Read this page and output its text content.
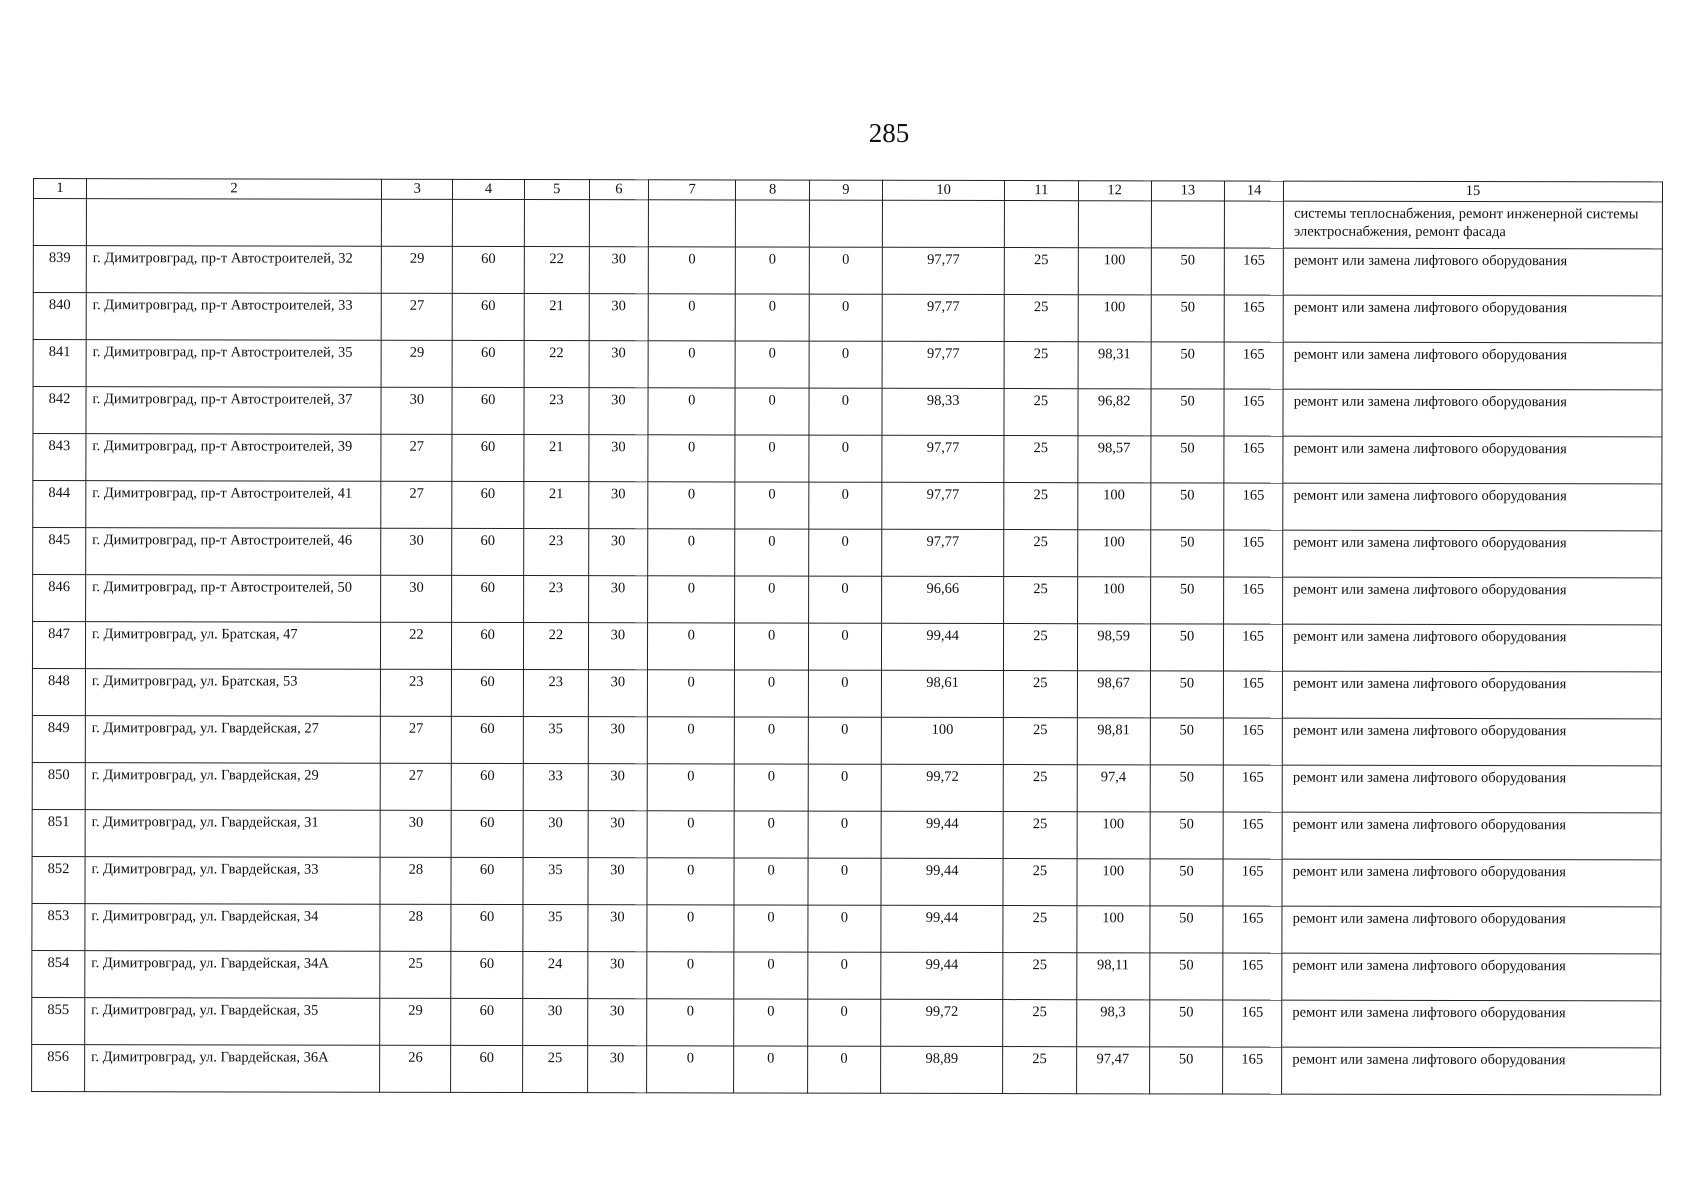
285
1	2	3	4	5	6	7	8	9	10	11	12	13	14	15
														системы теплоснабжения, ремонт инженерной системы электроснабжения, ремонт фасада
839	г. Димитровград, пр-т Автостроителей, 32	29	60	22	30	0	0	0	97,77	25	100	50	165	ремонт или замена лифтового оборудования
840	г. Димитровград, пр-т Автостроителей, 33	27	60	21	30	0	0	0	97,77	25	100	50	165	ремонт или замена лифтового оборудования
841	г. Димитровград, пр-т Автостроителей, 35	29	60	22	30	0	0	0	97,77	25	98,31	50	165	ремонт или замена лифтового оборудования
842	г. Димитровград, пр-т Автостроителей, 37	30	60	23	30	0	0	0	98,33	25	96,82	50	165	ремонт или замена лифтового оборудования
843	г. Димитровград, пр-т Автостроителей, 39	27	60	21	30	0	0	0	97,77	25	98,57	50	165	ремонт или замена лифтового оборудования
844	г. Димитровград, пр-т Автостроителей, 41	27	60	21	30	0	0	0	97,77	25	100	50	165	ремонт или замена лифтового оборудования
845	г. Димитровград, пр-т Автостроителей, 46	30	60	23	30	0	0	0	97,77	25	100	50	165	ремонт или замена лифтового оборудования
846	г. Димитровград, пр-т Автостроителей, 50	30	60	23	30	0	0	0	96,66	25	100	50	165	ремонт или замена лифтового оборудования
847	г. Димитровград, ул. Братская, 47	22	60	22	30	0	0	0	99,44	25	98,59	50	165	ремонт или замена лифтового оборудования
848	г. Димитровград, ул. Братская, 53	23	60	23	30	0	0	0	98,61	25	98,67	50	165	ремонт или замена лифтового оборудования
849	г. Димитровград, ул. Гвардейская, 27	27	60	35	30	0	0	0	100	25	98,81	50	165	ремонт или замена лифтового оборудования
850	г. Димитровград, ул. Гвардейская, 29	27	60	33	30	0	0	0	99,72	25	97,4	50	165	ремонт или замена лифтового оборудования
851	г. Димитровград, ул. Гвардейская, 31	30	60	30	30	0	0	0	99,44	25	100	50	165	ремонт или замена лифтового оборудования
852	г. Димитровград, ул. Гвардейская, 33	28	60	35	30	0	0	0	99,44	25	100	50	165	ремонт или замена лифтового оборудования
853	г. Димитровград, ул. Гвардейская, 34	28	60	35	30	0	0	0	99,44	25	100	50	165	ремонт или замена лифтового оборудования
854	г. Димитровград, ул. Гвардейская, 34А	25	60	24	30	0	0	0	99,44	25	98,11	50	165	ремонт или замена лифтового оборудования
855	г. Димитровград, ул. Гвардейская, 35	29	60	30	30	0	0	0	99,72	25	98,3	50	165	ремонт или замена лифтового оборудования
856	г. Димитровград, ул. Гвардейская, 36А	26	60	25	30	0	0	0	98,89	25	97,47	50	165	ремонт или замена лифтового оборудования
